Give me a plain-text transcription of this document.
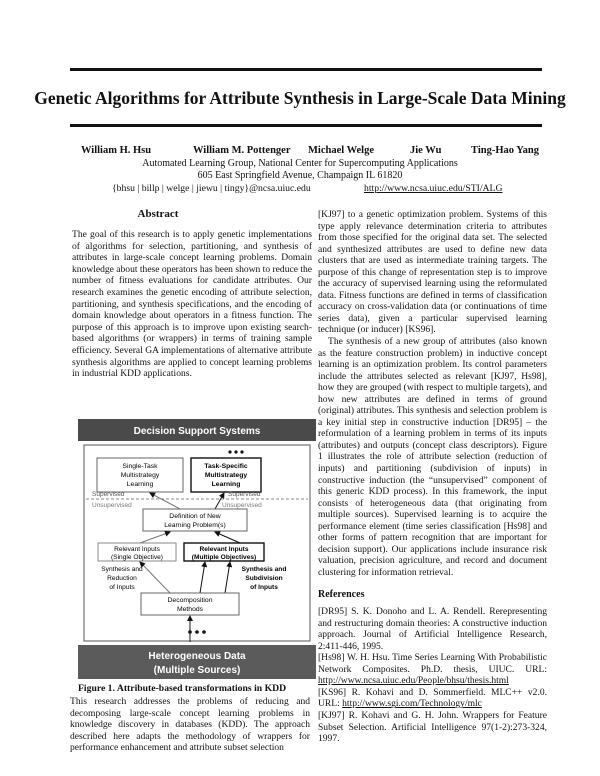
Genetic Algorithms for Attribute Synthesis in Large-Scale Data Mining
William H. Hsu	William M. Pottenger Michael Welge	Jie Wu	Ting-Hao Yang
Automated Learning Group, National Center for Supercomputing Applications
605 East Springfield Avenue, Champaign IL 61820
{bhsu | billp | welge | jiewu | tingy}@ncsa.uiuc.edu	http://www.ncsa.uiuc.edu/STI/ALG
Abstract

The goal of this research is to apply genetic implementations of algorithms for selection, partitioning, and synthesis of attributes in large-scale concept learning problems. Domain knowledge about these operators has been shown to reduce the number of fitness evaluations for candidate attributes. Our research examines the genetic encoding of attribute selection, partitioning, and synthesis specifications, and the encoding of domain knowledge about operators in a fitness function. The purpose of this approach is to improve upon existing search-based algorithms (or wrappers) in terms of training sample efficiency. Several GA implementations of alternative attribute synthesis algorithms are applied to concept learning problems in industrial KDD applications.

Decision Support Systems
Single-Task
Multistrategy
Learning
Task-Specific
Multistrategy
Learning
Supervised
Unsupervised
Supervised
Unsupervised
Definition of New
Learning Problem(s)
Relevant Inputs
(Single Objective)
Relevant Inputs
(Multiple Objectives)
Synthesis and
Reduction
of Inputs
Synthesis and
Subdivision
of Inputs
Decomposition
Methods
Heterogeneous Data
(Multiple Sources)
Figure 1. Attribute-based transformations in KDD

This research addresses the problems of reducing and decomposing large-scale concept learning problems in knowledge discovery in databases (KDD). The approach described here adapts the methodology of wrappers for performance enhancement and attribute subset selection

[KJ97] to a genetic optimization problem. Systems of this type apply relevance determination criteria to attributes from those specified for the original data set. The selected and synthesized attributes are used to define new data clusters that are used as intermediate training targets. The purpose of this change of representation step is to improve the accuracy of supervised learning using the reformulated data. Fitness functions are defined in terms of classification accuracy on cross-validation data (or continuations of time series data), given a particular supervised learning technique (or inducer) [KS96].

The synthesis of a new group of attributes (also known as the feature construction problem) in inductive concept learning is an optimization problem. Its control parameters include the attributes selected as relevant [KJ97, Hs98], how they are grouped (with respect to multiple targets), and how new attributes are defined in terms of ground (original) attributes. This synthesis and selection problem is a key initial step in constructive induction [DR95] – the reformulation of a learning problem in terms of its inputs (attributes) and outputs (concept class descriptors). Figure 1 illustrates the role of attribute selection (reduction of inputs) and partitioning (subdivision of inputs) in constructive induction (the “unsupervised” component of this generic KDD process). In this framework, the input consists of heterogeneous data (that originating from multiple sources). Supervised learning is to acquire the performance element (time series classification [Hs98] and other forms of pattern recognition that are important for decision support). Our applications include insurance risk valuation, precision agriculture, and record and document clustering for information retrieval.

References

[DR95] S. K. Donoho and L. A. Rendell. Rerepresenting and restructuring domain theories: A constructive induction approach. Journal of Artificial Intelligence Research, 2:411-446, 1995.

[Hs98] W. H. Hsu. Time Series Learning With Probabilistic Network Composites. Ph.D. thesis, UIUC. URL: http://www.ncsa.uiuc.edu/People/bhsu/thesis.html

[KS96] R. Kohavi and D. Sommerfield. MLC++ v2.0. URL: http://www.sgi.com/Technology/mlc

[KJ97] R. Kohavi and G. H. John. Wrappers for Feature Subset Selection. Artificial Intelligence 97(1-2):273-324, 1997.
